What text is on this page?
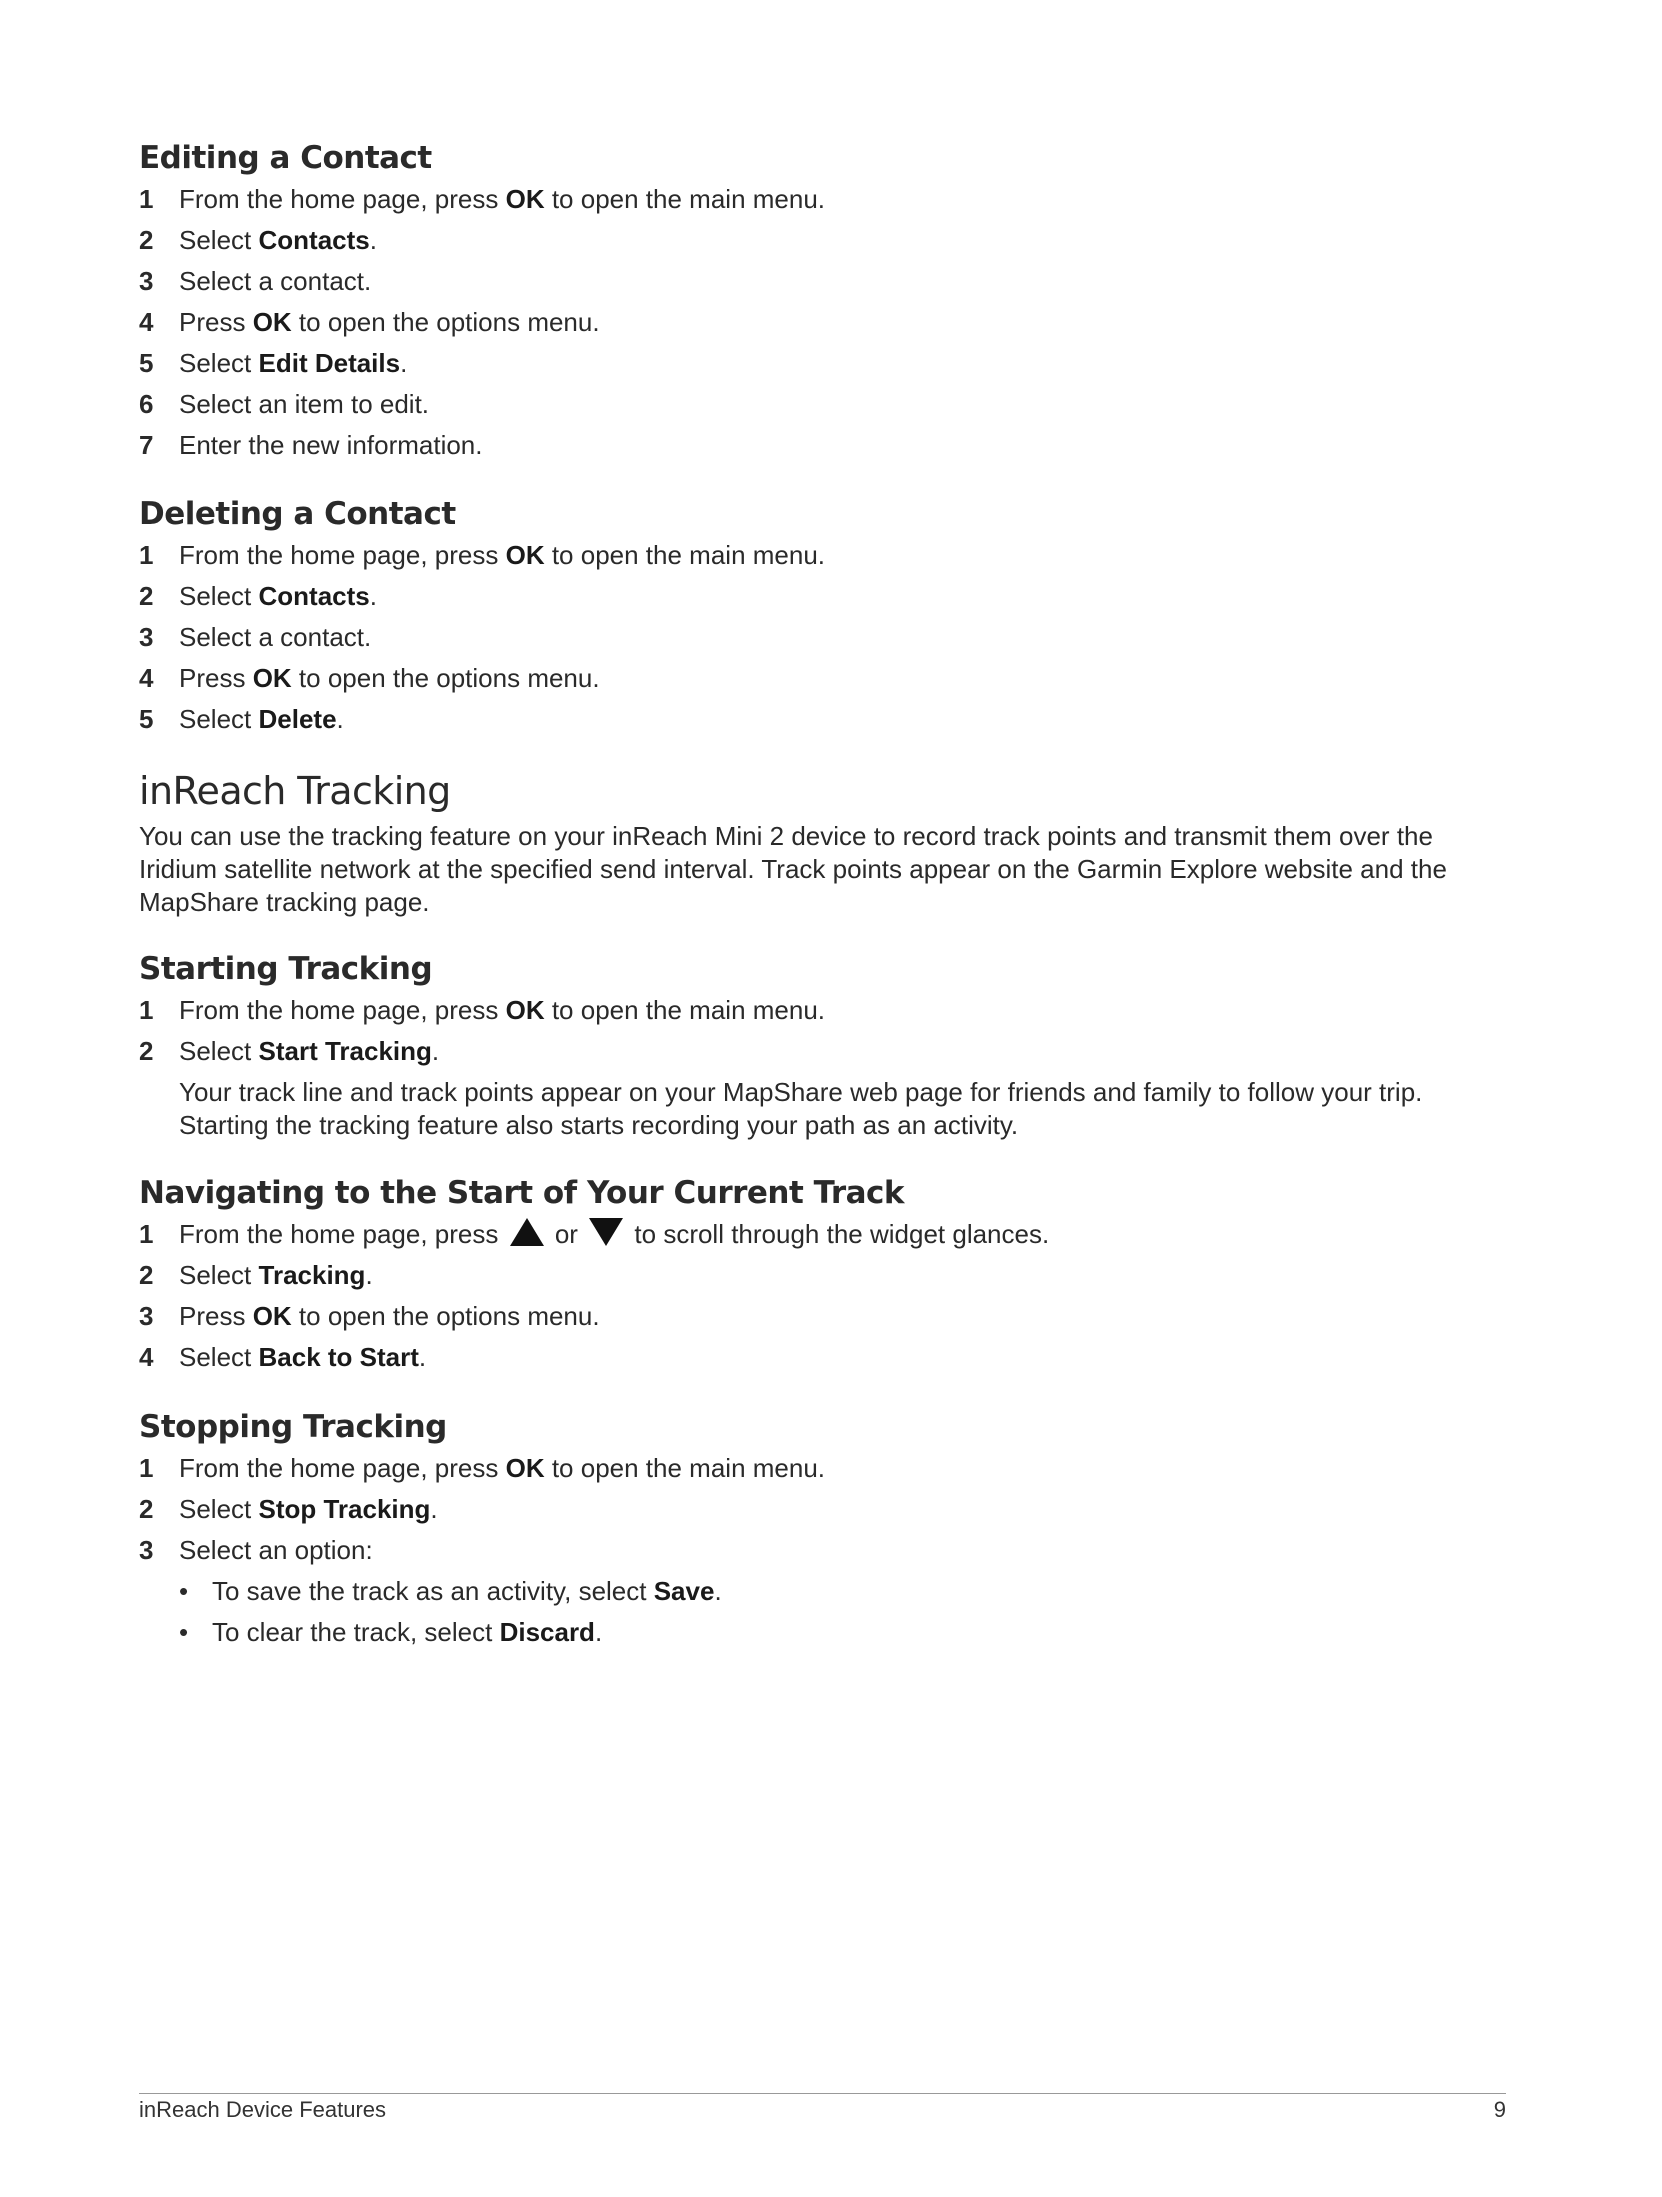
Editing a Contact
1 From the home page, press OK to open the main menu.
2 Select Contacts.
3 Select a contact.
4 Press OK to open the options menu.
5 Select Edit Details.
6 Select an item to edit.
7 Enter the new information.
Deleting a Contact
1 From the home page, press OK to open the main menu.
2 Select Contacts.
3 Select a contact.
4 Press OK to open the options menu.
5 Select Delete.
inReach Tracking

You can use the tracking feature on your inReach Mini 2 device to record track points and transmit them over the Iridium satellite network at the specified send interval. Track points appear on the Garmin Explore website and the MapShare tracking page.

Starting Tracking
1 From the home page, press OK to open the main menu.
2 Select Start Tracking.

Your track line and track points appear on your MapShare web page for friends and family to follow your trip. Starting the tracking feature also starts recording your path as an activity.

Navigating to the Start of Your Current Track
1 From the home page, press  or  to scroll through the widget glances.
2 Select Tracking.
3 Press OK to open the options menu.
4 Select Back to Start.
Stopping Tracking
1 From the home page, press OK to open the main menu.
2 Select Stop Tracking.
3 Select an option:
• To save the track as an activity, select Save.
• To clear the track, select Discard.
inReach Device Features	9
